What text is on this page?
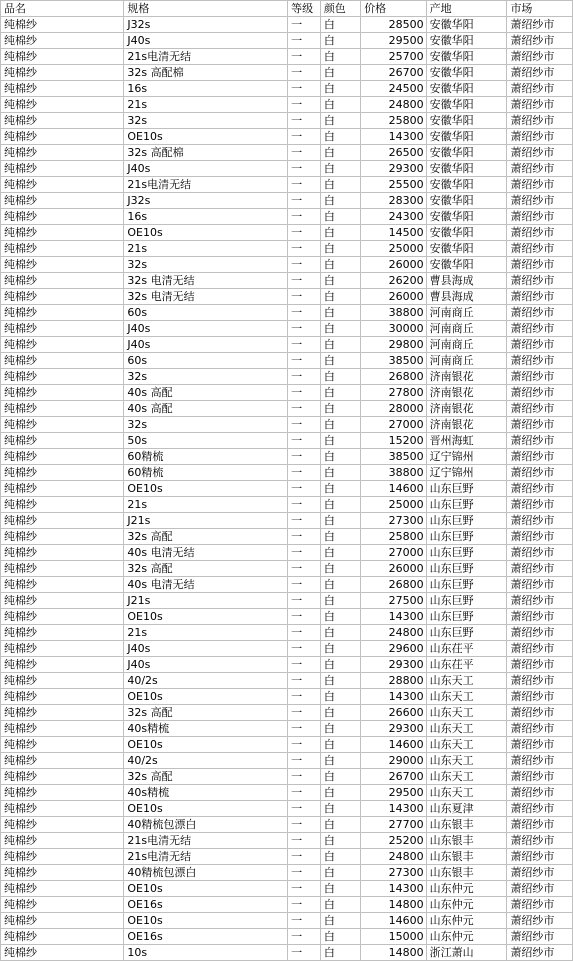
品名	规格	等级	颜色	价格	产地	市场
纯棉纱	J32s	一	白	28500	安徽华阳	萧绍纱市
纯棉纱	J40s	一	白	29500	安徽华阳	萧绍纱市
纯棉纱	21s电清无结	一	白	25700	安徽华阳	萧绍纱市
纯棉纱	32s 高配棉	一	白	26700	安徽华阳	萧绍纱市
纯棉纱	16s	一	白	24500	安徽华阳	萧绍纱市
纯棉纱	21s	一	白	24800	安徽华阳	萧绍纱市
纯棉纱	32s	一	白	25800	安徽华阳	萧绍纱市
纯棉纱	OE10s	一	白	14300	安徽华阳	萧绍纱市
纯棉纱	32s 高配棉	一	白	26500	安徽华阳	萧绍纱市
纯棉纱	J40s	一	白	29300	安徽华阳	萧绍纱市
纯棉纱	21s电清无结	一	白	25500	安徽华阳	萧绍纱市
纯棉纱	J32s	一	白	28300	安徽华阳	萧绍纱市
纯棉纱	16s	一	白	24300	安徽华阳	萧绍纱市
纯棉纱	OE10s	一	白	14500	安徽华阳	萧绍纱市
纯棉纱	21s	一	白	25000	安徽华阳	萧绍纱市
纯棉纱	32s	一	白	26000	安徽华阳	萧绍纱市
纯棉纱	32s 电清无结	一	白	26200	曹县海成	萧绍纱市
纯棉纱	32s 电清无结	一	白	26000	曹县海成	萧绍纱市
纯棉纱	60s	一	白	38800	河南商丘	萧绍纱市
纯棉纱	J40s	一	白	30000	河南商丘	萧绍纱市
纯棉纱	J40s	一	白	29800	河南商丘	萧绍纱市
纯棉纱	60s	一	白	38500	河南商丘	萧绍纱市
纯棉纱	32s	一	白	26800	济南银花	萧绍纱市
纯棉纱	40s 高配	一	白	27800	济南银花	萧绍纱市
纯棉纱	40s 高配	一	白	28000	济南银花	萧绍纱市
纯棉纱	32s	一	白	27000	济南银花	萧绍纱市
纯棉纱	50s	一	白	15200	晋州海虹	萧绍纱市
纯棉纱	60精梳	一	白	38500	辽宁锦州	萧绍纱市
纯棉纱	60精梳	一	白	38800	辽宁锦州	萧绍纱市
纯棉纱	OE10s	一	白	14600	山东巨野	萧绍纱市
纯棉纱	21s	一	白	25000	山东巨野	萧绍纱市
纯棉纱	J21s	一	白	27300	山东巨野	萧绍纱市
纯棉纱	32s 高配	一	白	25800	山东巨野	萧绍纱市
纯棉纱	40s 电清无结	一	白	27000	山东巨野	萧绍纱市
纯棉纱	32s 高配	一	白	26000	山东巨野	萧绍纱市
纯棉纱	40s 电清无结	一	白	26800	山东巨野	萧绍纱市
纯棉纱	J21s	一	白	27500	山东巨野	萧绍纱市
纯棉纱	OE10s	一	白	14300	山东巨野	萧绍纱市
纯棉纱	21s	一	白	24800	山东巨野	萧绍纱市
纯棉纱	J40s	一	白	29600	山东茌平	萧绍纱市
纯棉纱	J40s	一	白	29300	山东茌平	萧绍纱市
纯棉纱	40/2s	一	白	28800	山东天工	萧绍纱市
纯棉纱	OE10s	一	白	14300	山东天工	萧绍纱市
纯棉纱	32s 高配	一	白	26600	山东天工	萧绍纱市
纯棉纱	40s精梳	一	白	29300	山东天工	萧绍纱市
纯棉纱	OE10s	一	白	14600	山东天工	萧绍纱市
纯棉纱	40/2s	一	白	29000	山东天工	萧绍纱市
纯棉纱	32s 高配	一	白	26700	山东天工	萧绍纱市
纯棉纱	40s精梳	一	白	29500	山东天工	萧绍纱市
纯棉纱	OE10s	一	白	14300	山东夏津	萧绍纱市
纯棉纱	40精梳包漂白	一	白	27700	山东银丰	萧绍纱市
纯棉纱	21s电清无结	一	白	25200	山东银丰	萧绍纱市
纯棉纱	21s电清无结	一	白	24800	山东银丰	萧绍纱市
纯棉纱	40精梳包漂白	一	白	27300	山东银丰	萧绍纱市
纯棉纱	OE10s	一	白	14300	山东仲元	萧绍纱市
纯棉纱	OE16s	一	白	14800	山东仲元	萧绍纱市
纯棉纱	OE10s	一	白	14600	山东仲元	萧绍纱市
纯棉纱	OE16s	一	白	15000	山东仲元	萧绍纱市
纯棉纱	10s	一	白	14800	浙江萧山	萧绍纱市
